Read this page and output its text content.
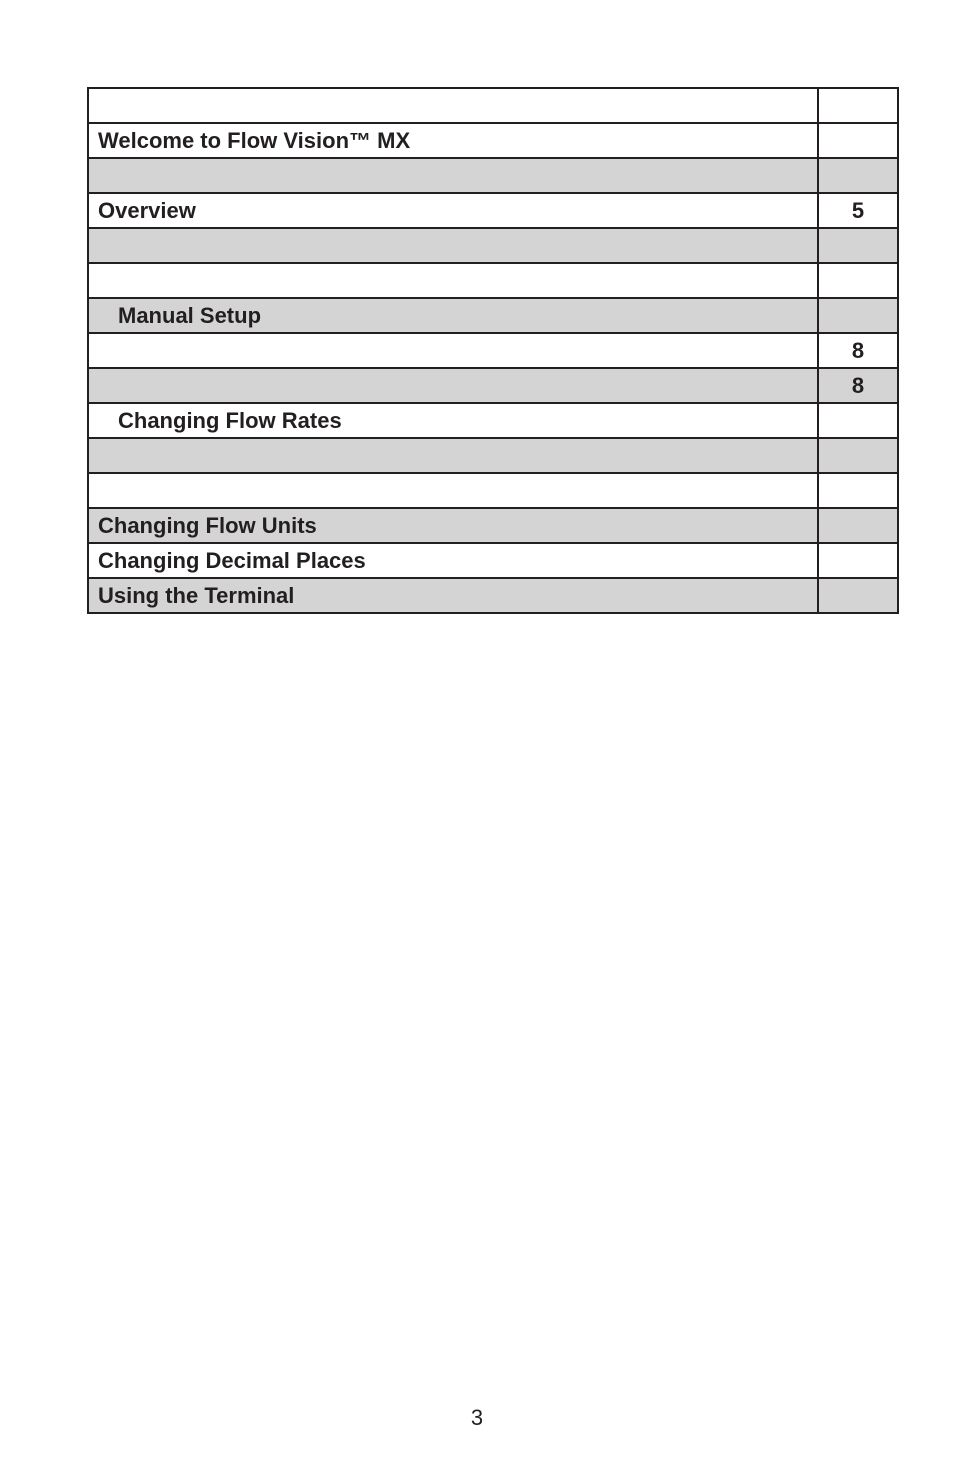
Welcome to Flow Vision™ MX	

Overview	5

Manual Setup	
	8
	8
Changing Flow Rates	

Changing Flow Units	
Changing Decimal Places	
Using the Terminal	
3
